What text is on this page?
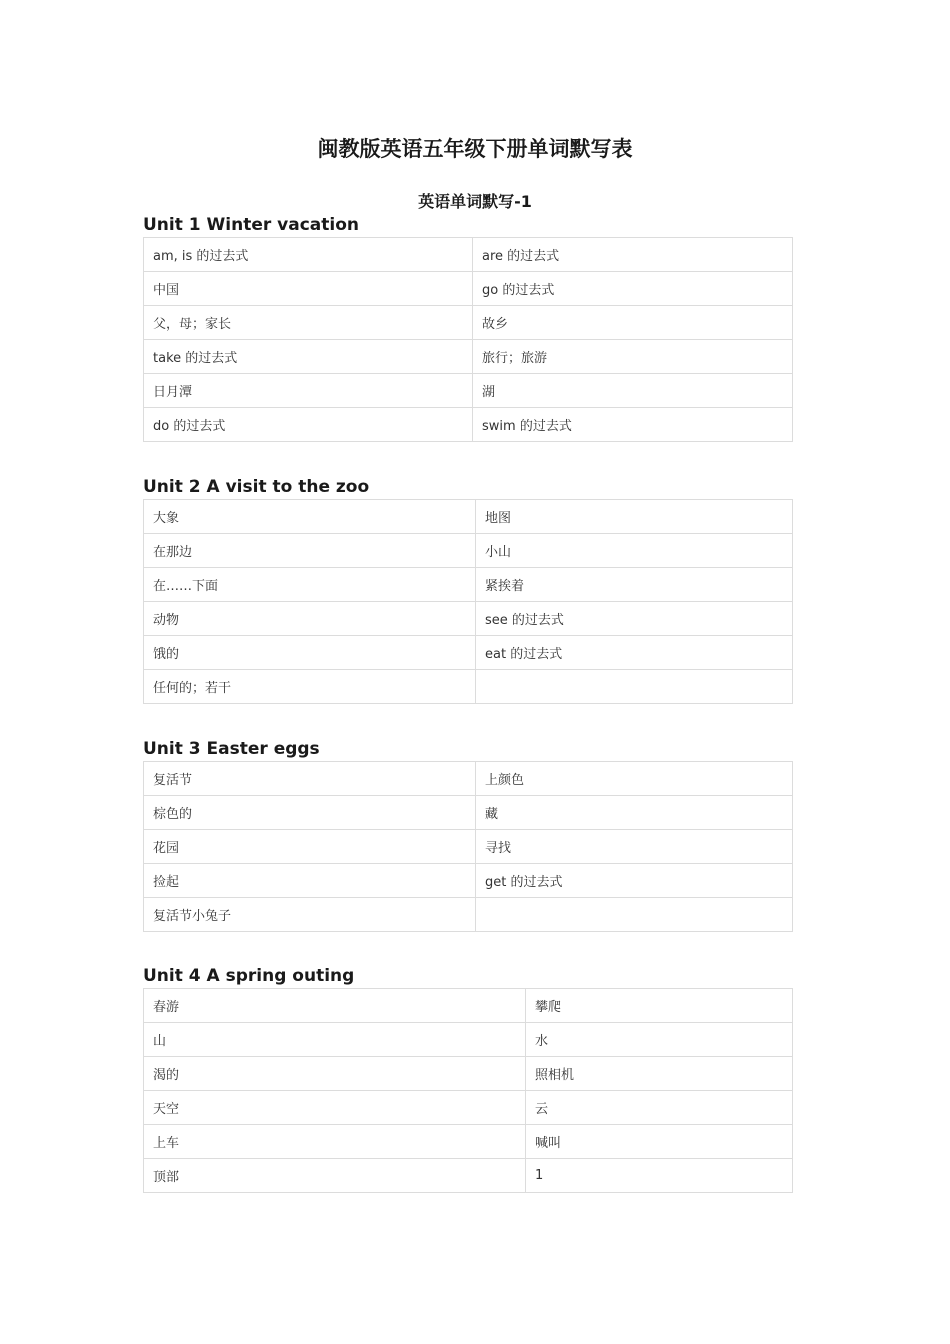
闽教版英语五年级下册单词默写表
英语单词默写-1
Unit 1 Winter vacation
am, is 的过去式	are 的过去式
中国	go 的过去式
父，母；家长	故乡
take 的过去式	旅行；旅游
日月潭	湖
do 的过去式	swim 的过去式
Unit 2 A visit to the zoo
大象	地图
在那边	小山
在……下面	紧挨着
动物	see 的过去式
饿的	eat 的过去式
任何的；若干	
Unit 3 Easter eggs
复活节	上颜色
棕色的	藏
花园	寻找
捡起	get 的过去式
复活节小兔子	
Unit 4 A spring outing
春游	攀爬
山	水
渴的	照相机
天空	云
上车	喊叫
顶部	1
